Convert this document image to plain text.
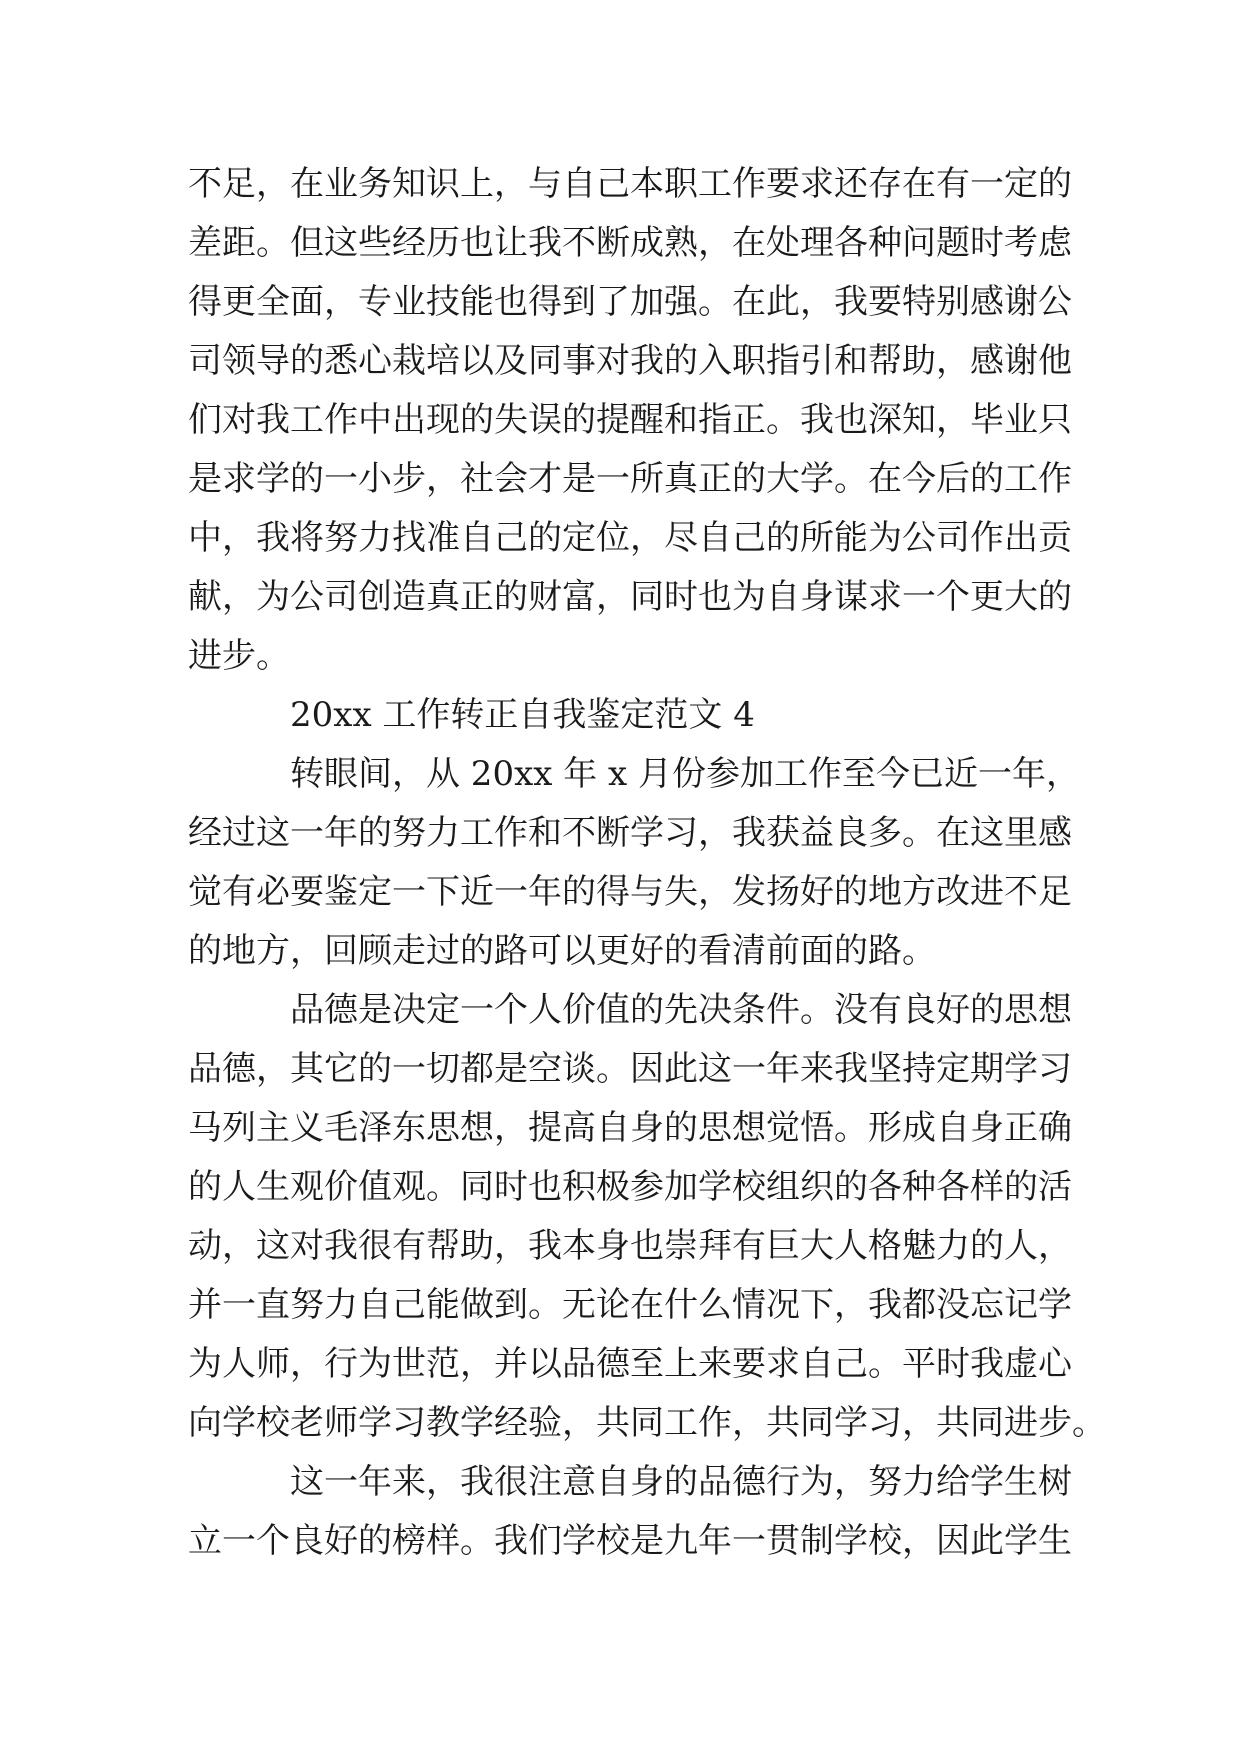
不足，在业务知识上，与自己本职工作要求还存在有一定的
差距。但这些经历也让我不断成熟，在处理各种问题时考虑
得更全面，专业技能也得到了加强。在此，我要特别感谢公
司领导的悉心栽培以及同事对我的入职指引和帮助，感谢他
们对我工作中出现的失误的提醒和指正。我也深知，毕业只
是求学的一小步，社会才是一所真正的大学。在今后的工作
中，我将努力找准自己的定位，尽自己的所能为公司作出贡
献，为公司创造真正的财富，同时也为自身谋求一个更大的
进步。
20xx 工作转正自我鉴定范文 4
转眼间，从 20xx 年 x 月份参加工作至今已近一年，
经过这一年的努力工作和不断学习，我获益良多。在这里感
觉有必要鉴定一下近一年的得与失，发扬好的地方改进不足
的地方，回顾走过的路可以更好的看清前面的路。
品德是决定一个人价值的先决条件。没有良好的思想
品德，其它的一切都是空谈。因此这一年来我坚持定期学习
马列主义毛泽东思想，提高自身的思想觉悟。形成自身正确
的人生观价值观。同时也积极参加学校组织的各种各样的活
动，这对我很有帮助，我本身也崇拜有巨大人格魅力的人，
并一直努力自己能做到。无论在什么情况下，我都没忘记学
为人师，行为世范，并以品德至上来要求自己。平时我虚心
向学校老师学习教学经验，共同工作，共同学习，共同进步。
这一年来，我很注意自身的品德行为，努力给学生树
立一个良好的榜样。我们学校是九年一贯制学校，因此学生
